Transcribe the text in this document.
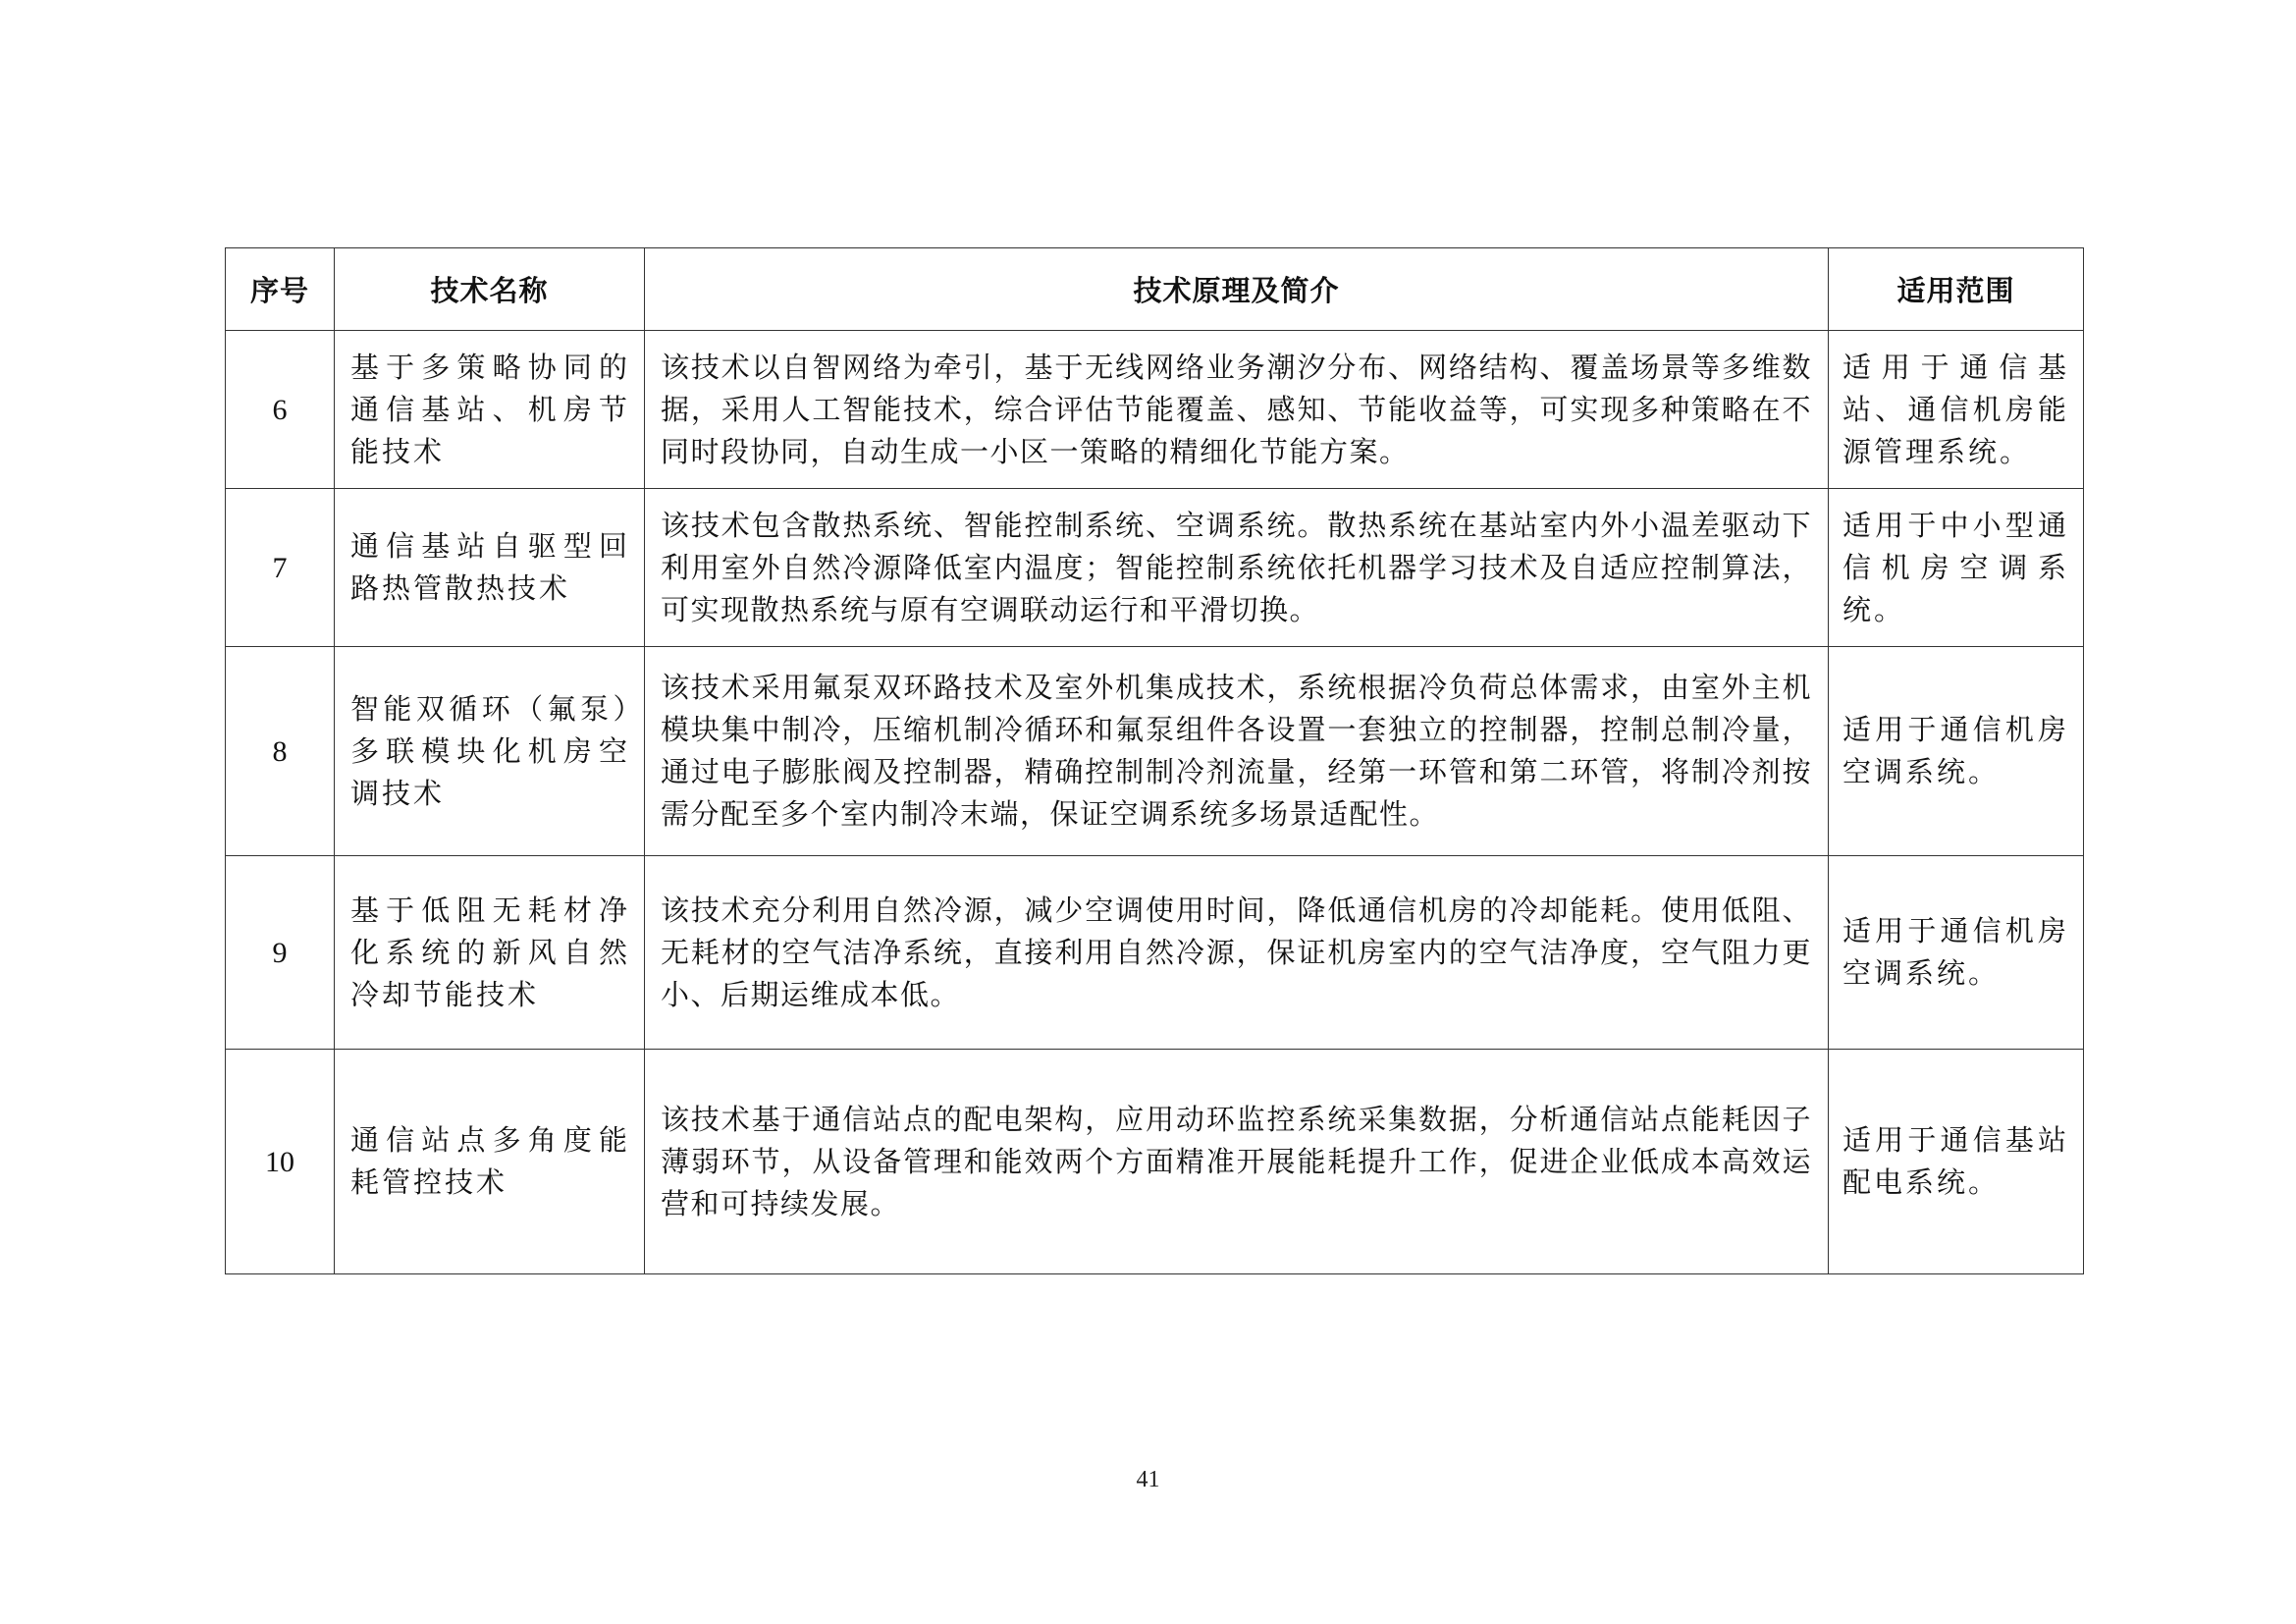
序号	技术名称	技术原理及简介	适用范围
6	基于多策略协同的通信基站、机房节能技术	该技术以自智网络为牵引，基于无线网络业务潮汐分布、网络结构、覆盖场景等多维数据，采用人工智能技术，综合评估节能覆盖、感知、节能收益等，可实现多种策略在不同时段协同，自动生成一小区一策略的精细化节能方案。	适用于通信基站、通信机房能源管理系统。
7	通信基站自驱型回路热管散热技术	该技术包含散热系统、智能控制系统、空调系统。散热系统在基站室内外小温差驱动下利用室外自然冷源降低室内温度；智能控制系统依托机器学习技术及自适应控制算法，可实现散热系统与原有空调联动运行和平滑切换。	适用于中小型通信机房空调系统。
8	智能双循环（氟泵）多联模块化机房空调技术	该技术采用氟泵双环路技术及室外机集成技术，系统根据冷负荷总体需求，由室外主机模块集中制冷，压缩机制冷循环和氟泵组件各设置一套独立的控制器，控制总制冷量，通过电子膨胀阀及控制器，精确控制制冷剂流量，经第一环管和第二环管，将制冷剂按需分配至多个室内制冷末端，保证空调系统多场景适配性。	适用于通信机房空调系统。
9	基于低阻无耗材净化系统的新风自然冷却节能技术	该技术充分利用自然冷源，减少空调使用时间，降低通信机房的冷却能耗。使用低阻、无耗材的空气洁净系统，直接利用自然冷源，保证机房室内的空气洁净度，空气阻力更小、后期运维成本低。	适用于通信机房空调系统。
10	通信站点多角度能耗管控技术	该技术基于通信站点的配电架构，应用动环监控系统采集数据，分析通信站点能耗因子薄弱环节，从设备管理和能效两个方面精准开展能耗提升工作，促进企业低成本高效运营和可持续发展。	适用于通信基站配电系统。
41
